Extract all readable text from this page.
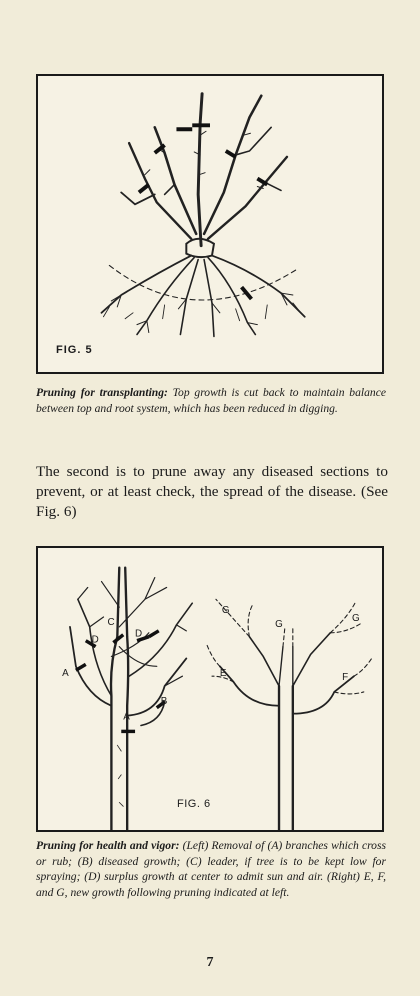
FIG. 5
Pruning for transplanting: Top growth is cut back to maintain balance between top and root system, which has been reduced in digging.
The second is to prune away any diseased sections to prevent, or at least check, the spread of the disease. (See Fig. 6)
D
C
D
A
A
B
G
G
G
E	F
FIG. 6
Pruning for health and vigor: (Left) Removal of (A) branches which cross or rub; (B) diseased growth; (C) leader, if tree is to be kept low for spraying; (D) surplus growth at center to admit sun and air. (Right) E, F, and G, new growth following pruning indicated at left.
7
